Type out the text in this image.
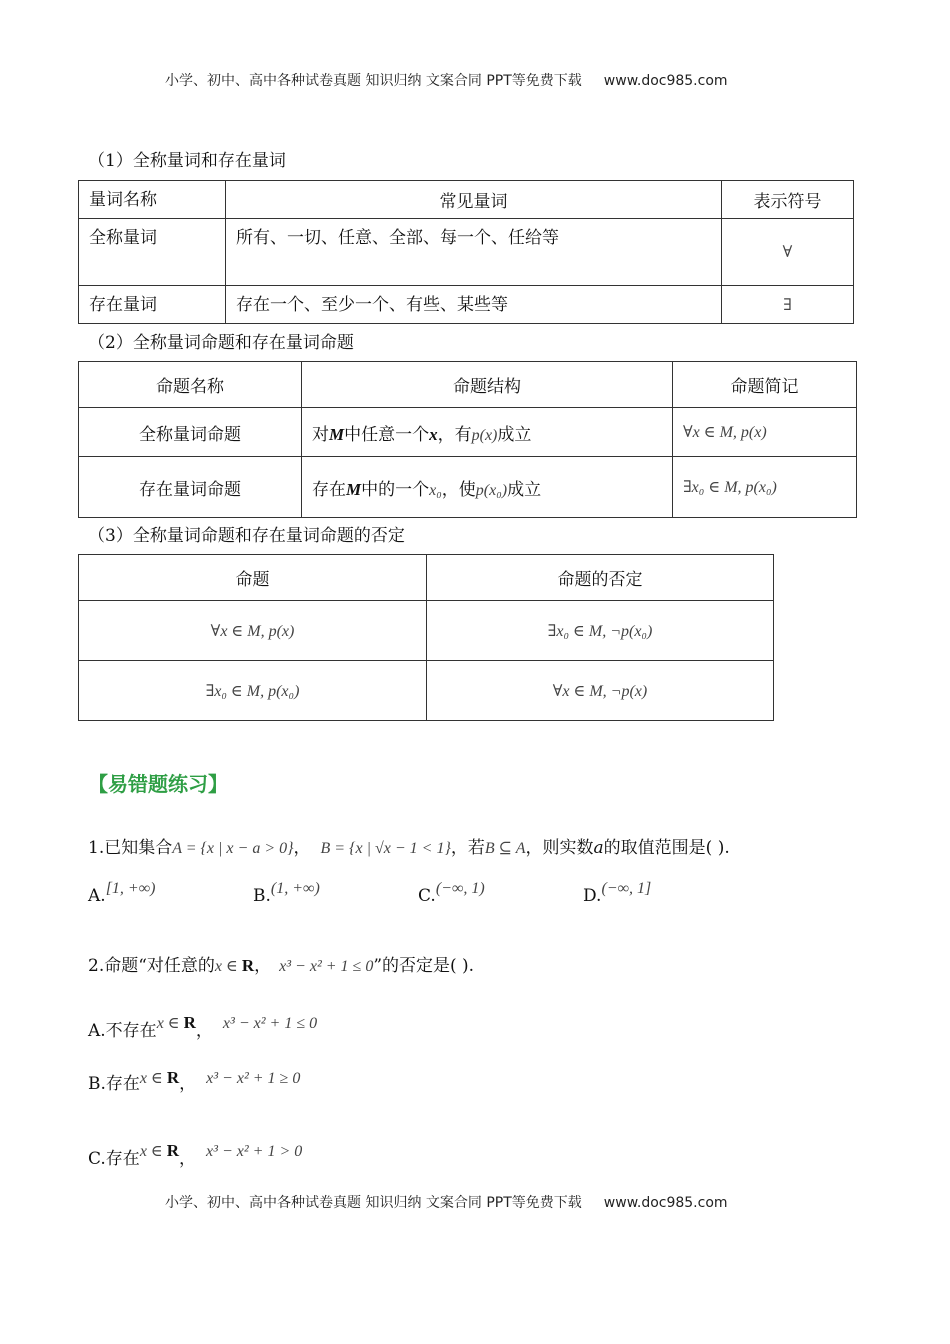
小学、初中、高中各种试卷真题 知识归纳 文案合同 PPT等免费下载 www.doc985.com
（1）全称量词和存在量词
量词名称	常见量词	表示符号
全称量词	所有、一切、任意、全部、每一个、任给等	∀
存在量词	存在一个、至少一个、有些、某些等	∃
（2）全称量词命题和存在量词命题
命题名称	命题结构	命题简记
全称量词命题	对M中任意一个x，有p(x)成立	∀x ∈ M, p(x)
存在量词命题	存在M中的一个x₀，使p(x₀)成立	∃x₀ ∈ M, p(x₀)
（3）全称量词命题和存在量词命题的否定
命题	命题的否定
∀x ∈ M, p(x)	∃x₀ ∈ M, ¬p(x₀)
∃x₀ ∈ M, p(x₀)	∀x ∈ M, ¬p(x)
【易错题练习】
1.已知集合A = {x | x − a > 0}， B = {x | √x − 1 < 1}，若B ⊆ A，则实数a的取值范围是( ).
A.[1, +∞)	B.(1, +∞)	C.(−∞, 1)	D.(−∞, 1]
2.命题“对任意的x ∈ R， x³ − x² + 1 ≤ 0”的否定是( ).
A.不存在x ∈ R， x³ − x² + 1 ≤ 0
B.存在x ∈ R， x³ − x² + 1 ≥ 0
C.存在x ∈ R， x³ − x² + 1 > 0
小学、初中、高中各种试卷真题 知识归纳 文案合同 PPT等免费下载 www.doc985.com
